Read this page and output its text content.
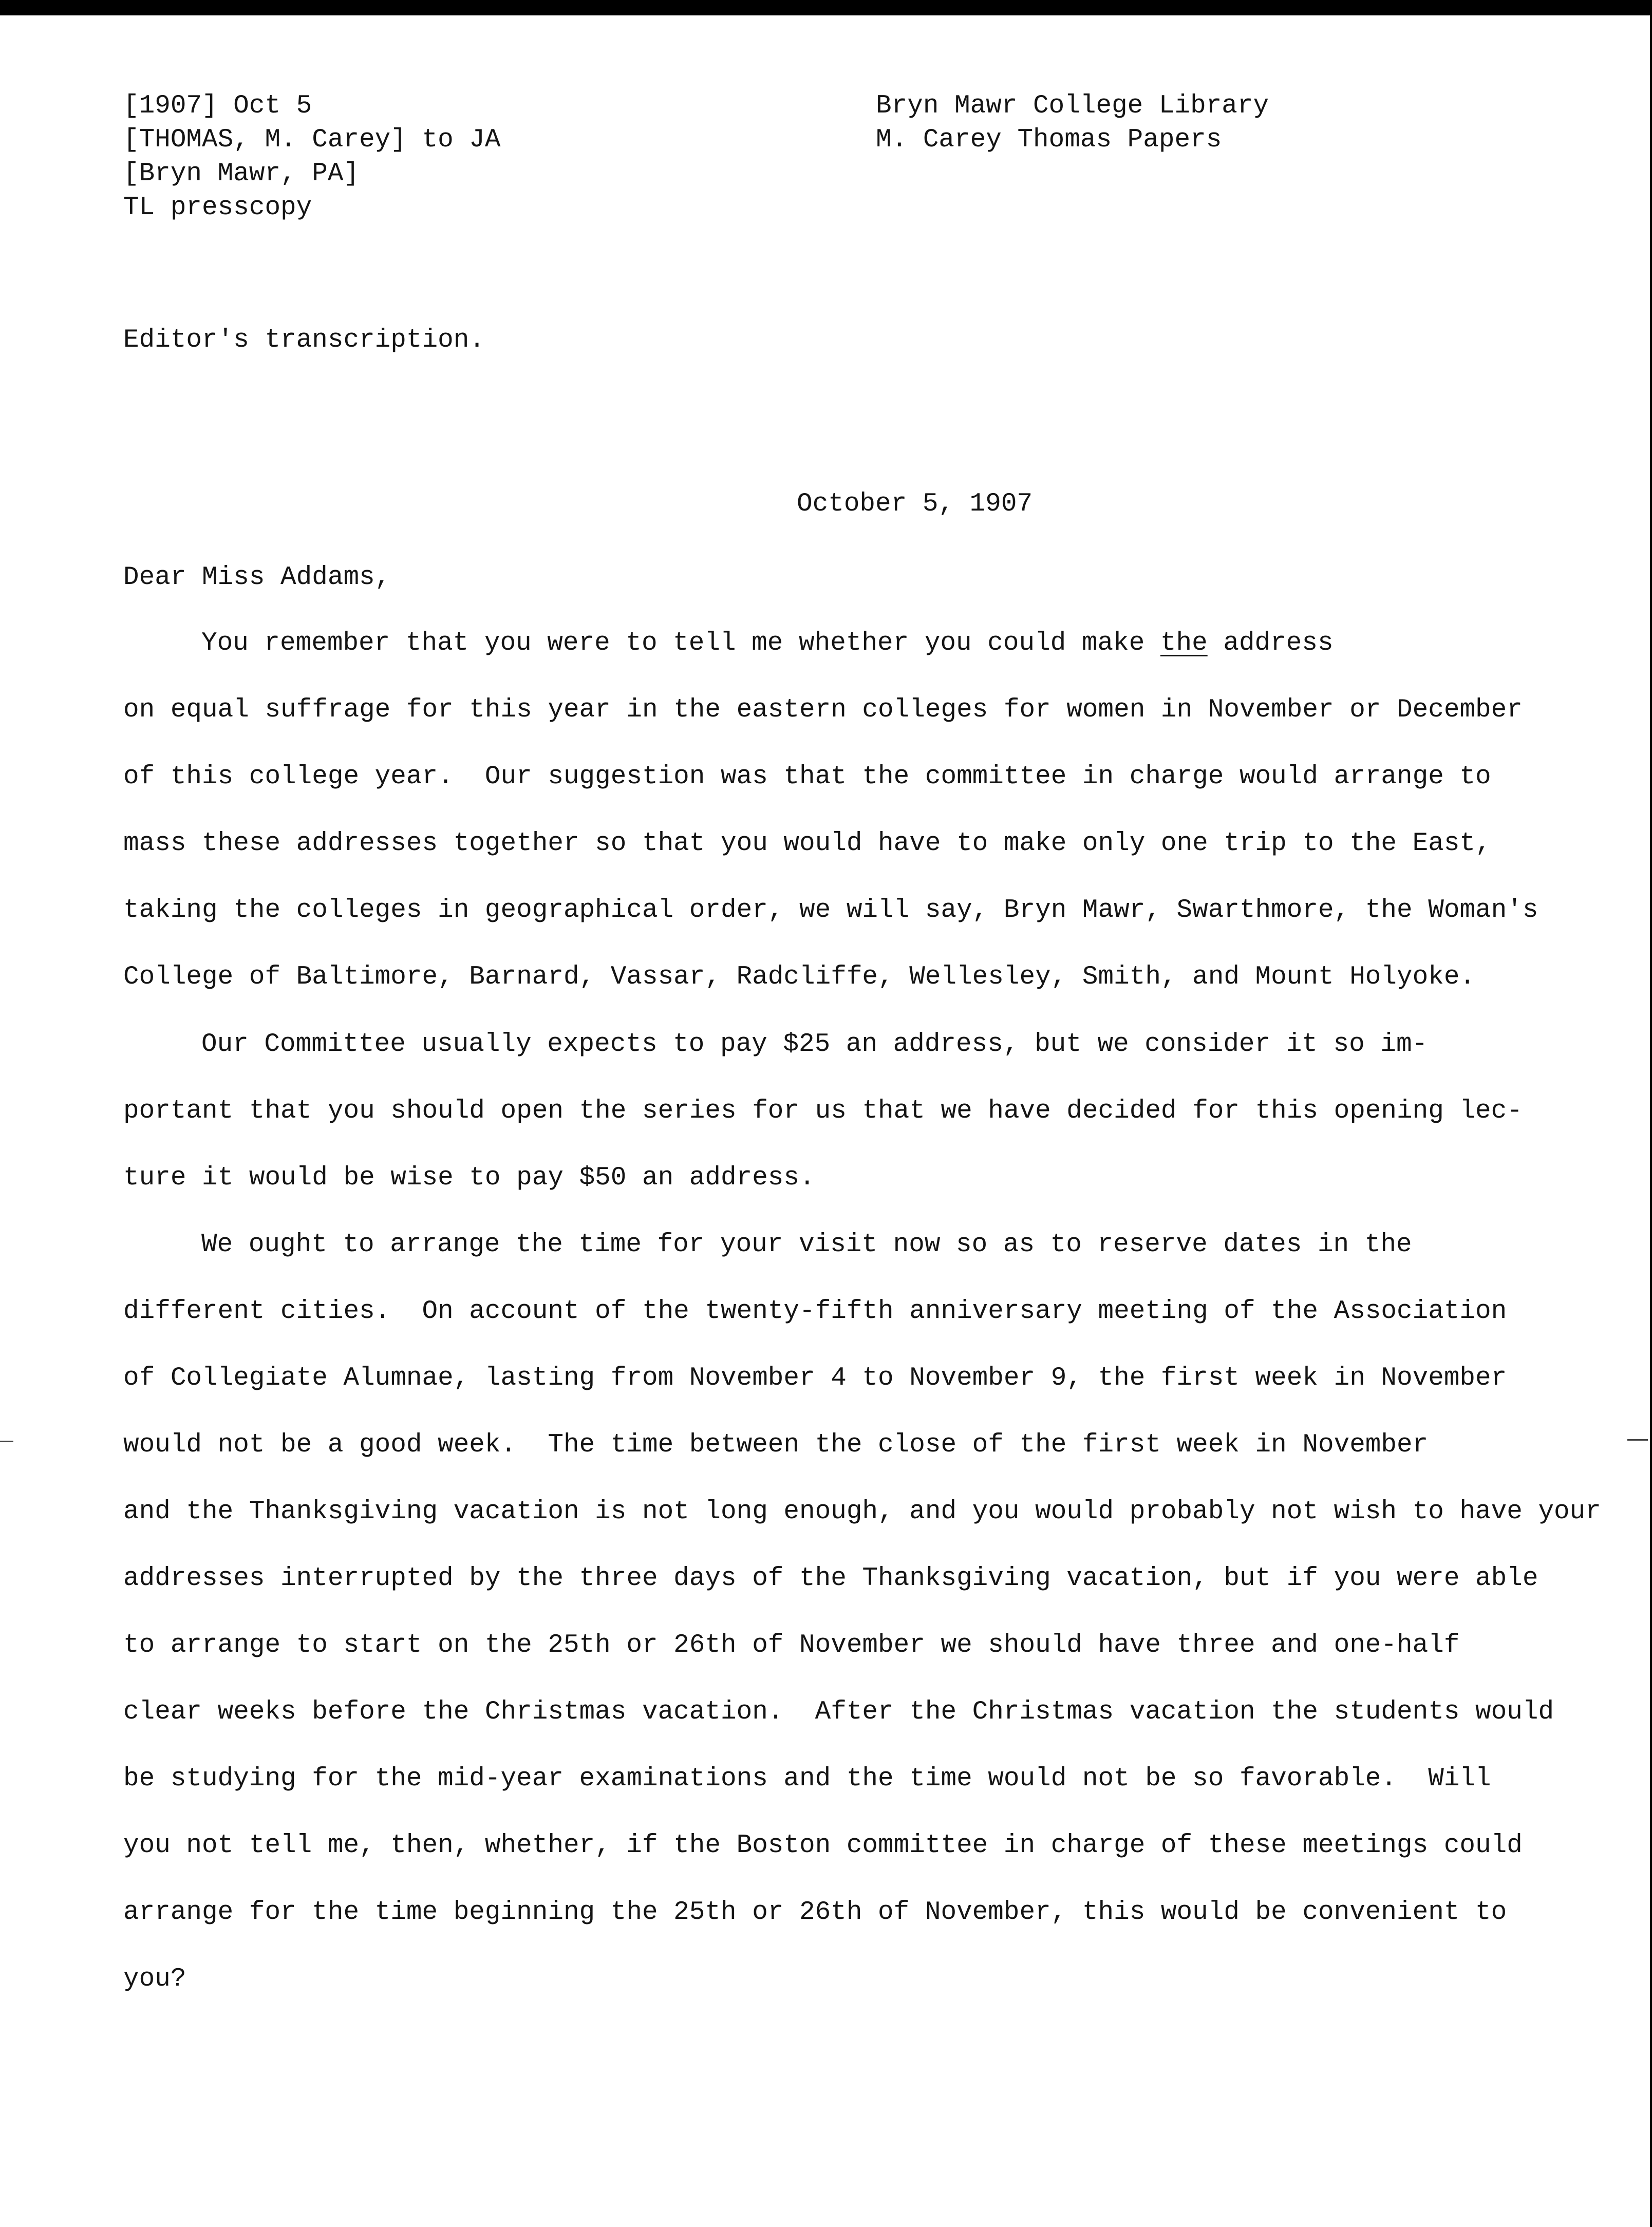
[1907] Oct 5
[THOMAS, M. Carey] to JA
[Bryn Mawr, PA]
TL presscopy
Bryn Mawr College Library
M. Carey Thomas Papers
Editor's transcription.
October 5, 1907
Dear Miss Addams,
You remember that you were to tell me whether you could make the address
on equal suffrage for this year in the eastern colleges for women in November or December
of this college year.  Our suggestion was that the committee in charge would arrange to
mass these addresses together so that you would have to make only one trip to the East,
taking the colleges in geographical order, we will say, Bryn Mawr, Swarthmore, the Woman's
College of Baltimore, Barnard, Vassar, Radcliffe, Wellesley, Smith, and Mount Holyoke.
Our Committee usually expects to pay $25 an address, but we consider it so im-
portant that you should open the series for us that we have decided for this opening lec-
ture it would be wise to pay $50 an address.
We ought to arrange the time for your visit now so as to reserve dates in the
different cities.  On account of the twenty-fifth anniversary meeting of the Association
of Collegiate Alumnae, lasting from November 4 to November 9, the first week in November
would not be a good week.  The time between the close of the first week in November
and the Thanksgiving vacation is not long enough, and you would probably not wish to have your
addresses interrupted by the three days of the Thanksgiving vacation, but if you were able
to arrange to start on the 25th or 26th of November we should have three and one-half
clear weeks before the Christmas vacation.  After the Christmas vacation the students would
be studying for the mid-year examinations and the time would not be so favorable.  Will
you not tell me, then, whether, if the Boston committee in charge of these meetings could
arrange for the time beginning the 25th or 26th of November, this would be convenient to
you?
